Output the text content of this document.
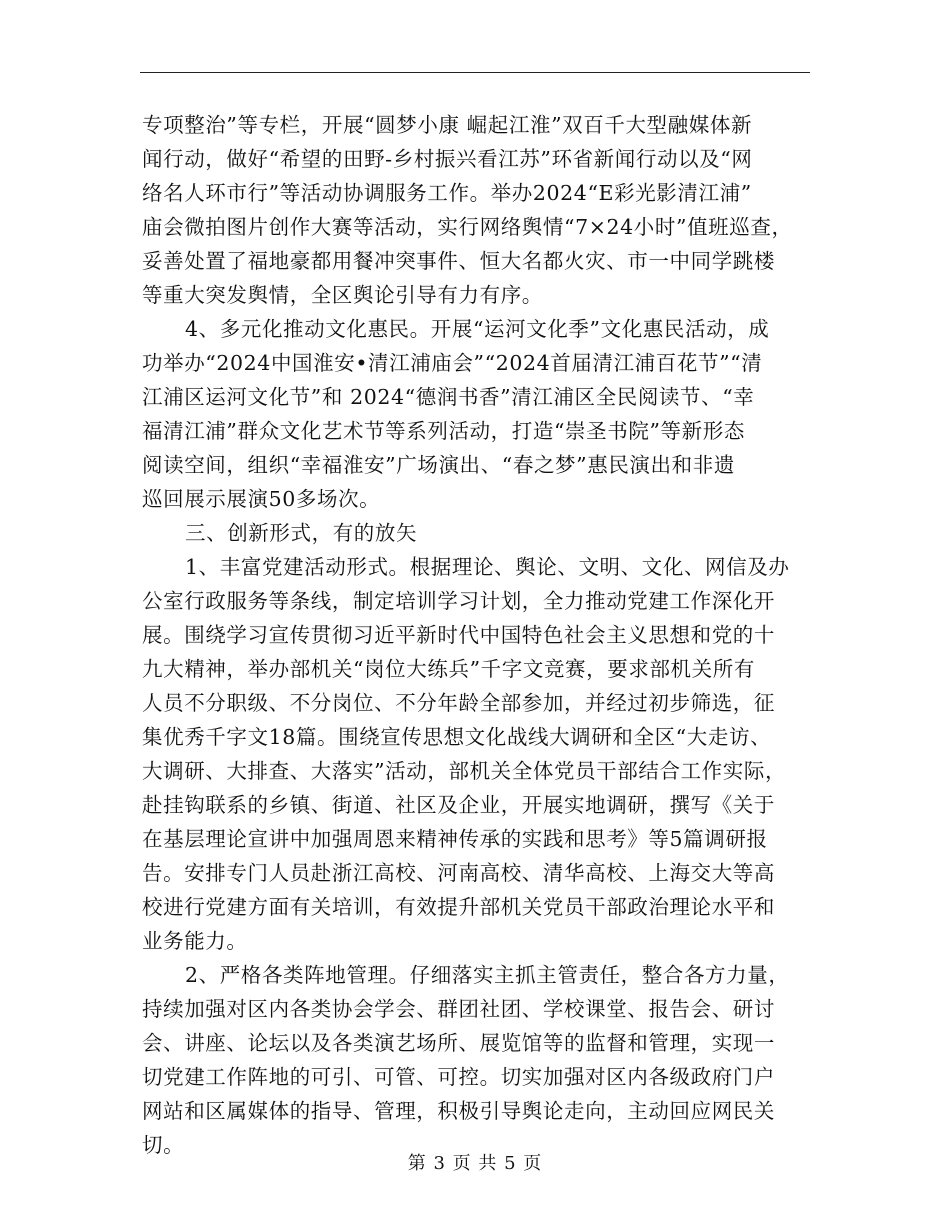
专项整治”等专栏，开展“圆梦小康 崛起江淮”双百千大型融媒体新
闻行动，做好“希望的田野-乡村振兴看江苏”环省新闻行动以及“网
络名人环市行”等活动协调服务工作。举办2024“E彩光影清江浦”
庙会微拍图片创作大赛等活动，实行网络舆情“7×24小时”值班巡查，
妥善处置了福地豪都用餐冲突事件、恒大名都火灾、市一中同学跳楼
等重大突发舆情，全区舆论引导有力有序。
4、多元化推动文化惠民。开展“运河文化季”文化惠民活动，成
功举办“2024中国淮安•清江浦庙会”“2024首届清江浦百花节”“清
江浦区运河文化节”和 2024“德润书香”清江浦区全民阅读节、“幸
福清江浦”群众文化艺术节等系列活动，打造“崇圣书院”等新形态
阅读空间，组织“幸福淮安”广场演出、“春之梦”惠民演出和非遗
巡回展示展演50多场次。
三、创新形式，有的放矢
1、丰富党建活动形式。根据理论、舆论、文明、文化、网信及办
公室行政服务等条线，制定培训学习计划，全力推动党建工作深化开
展。围绕学习宣传贯彻习近平新时代中国特色社会主义思想和党的十
九大精神，举办部机关“岗位大练兵”千字文竞赛，要求部机关所有
人员不分职级、不分岗位、不分年龄全部参加，并经过初步筛选，征
集优秀千字文18篇。围绕宣传思想文化战线大调研和全区“大走访、
大调研、大排查、大落实”活动，部机关全体党员干部结合工作实际，
赴挂钩联系的乡镇、街道、社区及企业，开展实地调研，撰写《关于
在基层理论宣讲中加强周恩来精神传承的实践和思考》等5篇调研报
告。安排专门人员赴浙江高校、河南高校、清华高校、上海交大等高
校进行党建方面有关培训，有效提升部机关党员干部政治理论水平和
业务能力。
2、严格各类阵地管理。仔细落实主抓主管责任，整合各方力量，
持续加强对区内各类协会学会、群团社团、学校课堂、报告会、研讨
会、讲座、论坛以及各类演艺场所、展览馆等的监督和管理，实现一
切党建工作阵地的可引、可管、可控。切实加强对区内各级政府门户
网站和区属媒体的指导、管理，积极引导舆论走向，主动回应网民关
切。
第 3 页 共 5 页
